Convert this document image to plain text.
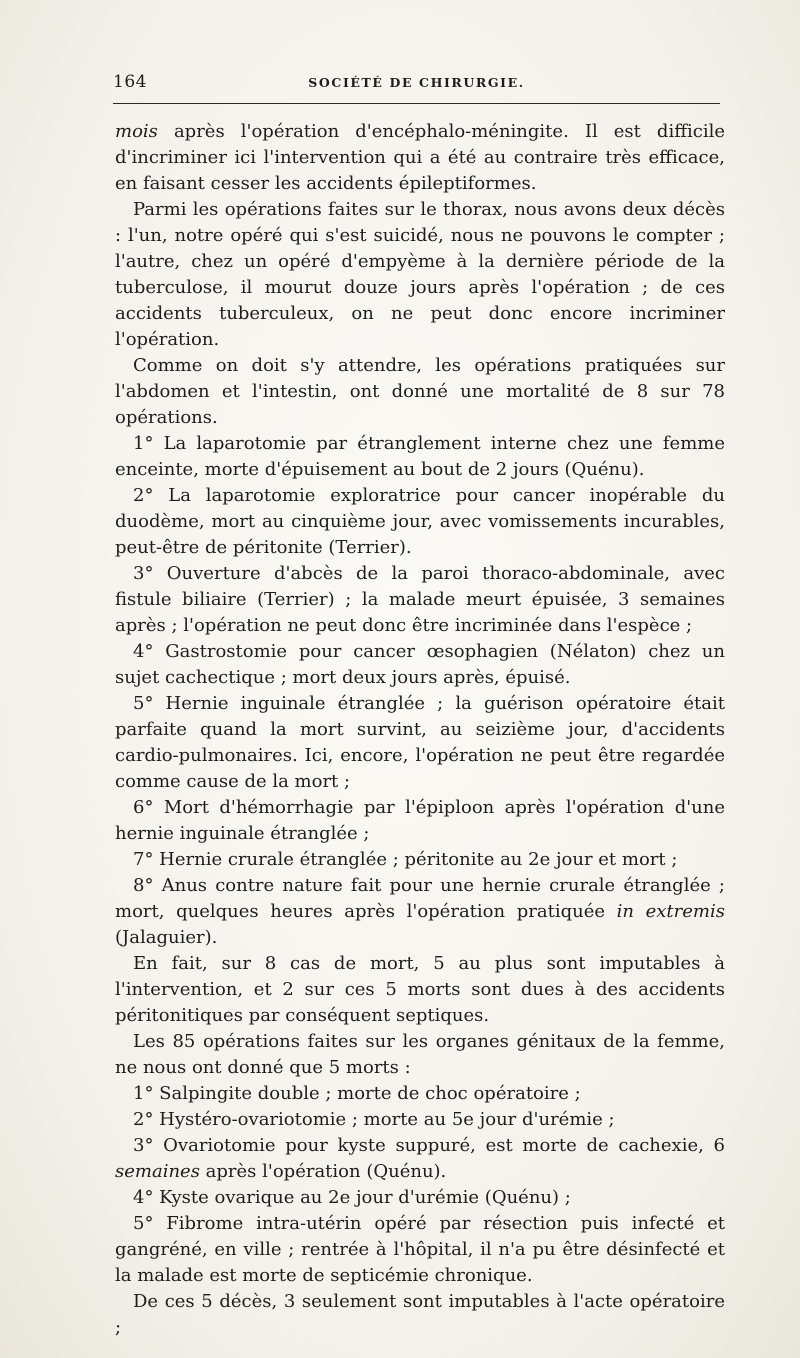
164	SOCIÉTÉ DE CHIRURGIE.

mois après l'opération d'encéphalo-méningite. Il est difficile d'incriminer ici l'intervention qui a été au contraire très efficace, en faisant cesser les accidents épileptiformes.

Parmi les opérations faites sur le thorax, nous avons deux décès : l'un, notre opéré qui s'est suicidé, nous ne pouvons le compter ; l'autre, chez un opéré d'empyème à la dernière période de la tuberculose, il mourut douze jours après l'opération ; de ces accidents tuberculeux, on ne peut donc encore incriminer l'opération.

Comme on doit s'y attendre, les opérations pratiquées sur l'abdomen et l'intestin, ont donné une mortalité de 8 sur 78 opérations.

1° La laparotomie par étranglement interne chez une femme enceinte, morte d'épuisement au bout de 2 jours (Quénu).

2° La laparotomie exploratrice pour cancer inopérable du duodème, mort au cinquième jour, avec vomissements incurables, peut-être de péritonite (Terrier).

3° Ouverture d'abcès de la paroi thoraco-abdominale, avec fistule biliaire (Terrier) ; la malade meurt épuisée, 3 semaines après ; l'opération ne peut donc être incriminée dans l'espèce ;

4° Gastrostomie pour cancer œsophagien (Nélaton) chez un sujet cachectique ; mort deux jours après, épuisé.

5° Hernie inguinale étranglée ; la guérison opératoire était parfaite quand la mort survint, au seizième jour, d'accidents cardio-pulmonaires. Ici, encore, l'opération ne peut être regardée comme cause de la mort ;

6° Mort d'hémorrhagie par l'épiploon après l'opération d'une hernie inguinale étranglée ;

7° Hernie crurale étranglée ; péritonite au 2e jour et mort ;

8° Anus contre nature fait pour une hernie crurale étranglée ; mort, quelques heures après l'opération pratiquée in extremis (Jalaguier).

En fait, sur 8 cas de mort, 5 au plus sont imputables à l'intervention, et 2 sur ces 5 morts sont dues à des accidents péritonitiques par conséquent septiques.

Les 85 opérations faites sur les organes génitaux de la femme, ne nous ont donné que 5 morts :

1° Salpingite double ; morte de choc opératoire ;

2° Hystéro-ovariotomie ; morte au 5e jour d'urémie ;

3° Ovariotomie pour kyste suppuré, est morte de cachexie, 6 semaines après l'opération (Quénu).

4° Kyste ovarique au 2e jour d'urémie (Quénu) ;

5° Fibrome intra-utérin opéré par résection puis infecté et gangréné, en ville ; rentrée à l'hôpital, il n'a pu être désinfecté et la malade est morte de septicémie chronique.

De ces 5 décès, 3 seulement sont imputables à l'acte opératoire ;
